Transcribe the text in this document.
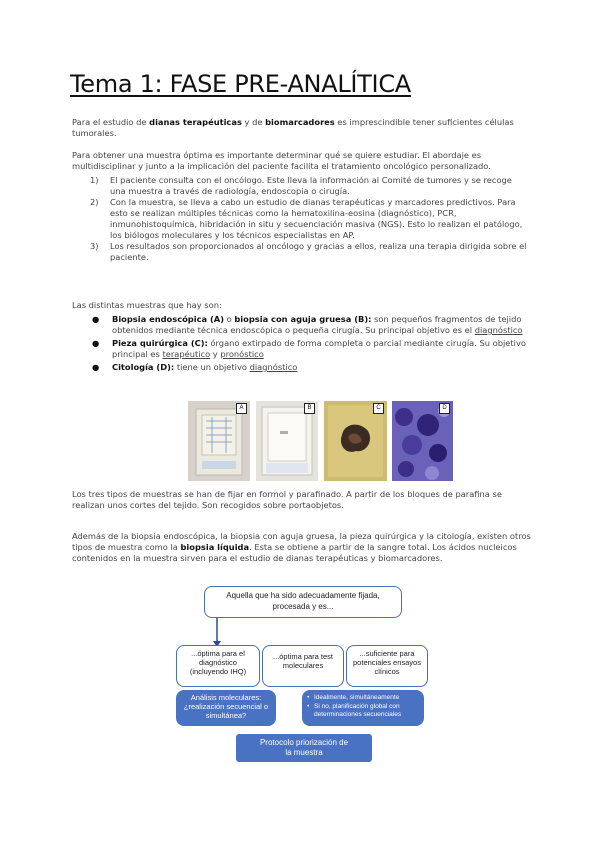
Tema 1: FASE PRE-ANALÍTICA

Para el estudio de dianas terapéuticas y de biomarcadores es imprescindible tener suficientes células tumorales.

Para obtener una muestra óptima es importante determinar qué se quiere estudiar. El abordaje es multidisciplinar y junto a la implicación del paciente facilita el tratamiento oncológico personalizado.

1) El paciente consulta con el oncólogo. Este lleva la información al Comité de tumores y se recoge una muestra a través de radiología, endoscopia o cirugía.
2) Con la muestra, se lleva a cabo un estudio de dianas terapéuticas y marcadores predictivos. Para esto se realizan múltiples técnicas como la hematoxilina-eosina (diagnóstico), PCR, inmunohistoquímica, hibridación in situ y secuenciación masiva (NGS). Esto lo realizan el patólogo, los biólogos moleculares y los técnicos especialistas en AP.
3) Los resultados son proporcionados al oncólogo y gracias a ellos, realiza una terapia dirigida sobre el paciente.

Las distintas muestras que hay son:

● Biopsia endoscópica (A) o biopsia con aguja gruesa (B): son pequeños fragmentos de tejido obtenidos mediante técnica endoscópica o pequeña cirugía. Su principal objetivo es el diagnóstico
● Pieza quirúrgica (C): órgano extirpado de forma completa o parcial mediante cirugía. Su objetivo principal es terapéutico y pronóstico
● Citología (D): tiene un objetivo diagnóstico
A	B	C	D

Los tres tipos de muestras se han de fijar en formol y parafinado. A partir de los bloques de parafina se realizan unos cortes del tejido. Son recogidos sobre portaobjetos.

Además de la biopsia endoscópica, la biopsia con aguja gruesa, la pieza quirúrgica y la citología, existen otros tipos de muestra como la biopsia líquida. Esta se obtiene a partir de la sangre total. Los ácidos nucleicos contenidos en la muestra sirven para el estudio de dianas terapéuticas y biomarcadores.

Aquella que ha sido adecuadamente fijada, procesada y es...
...óptima para el diagnóstico (incluyendo IHQ)
...óptima para test moleculares
...suficiente para potenciales ensayos clínicos
Análisis moleculares: ¿realización secuencial o simultánea?
• Idealmente, simultáneamente
• Si no, planificación global con determinaciones secuenciales
Protocolo priorización de la muestra
